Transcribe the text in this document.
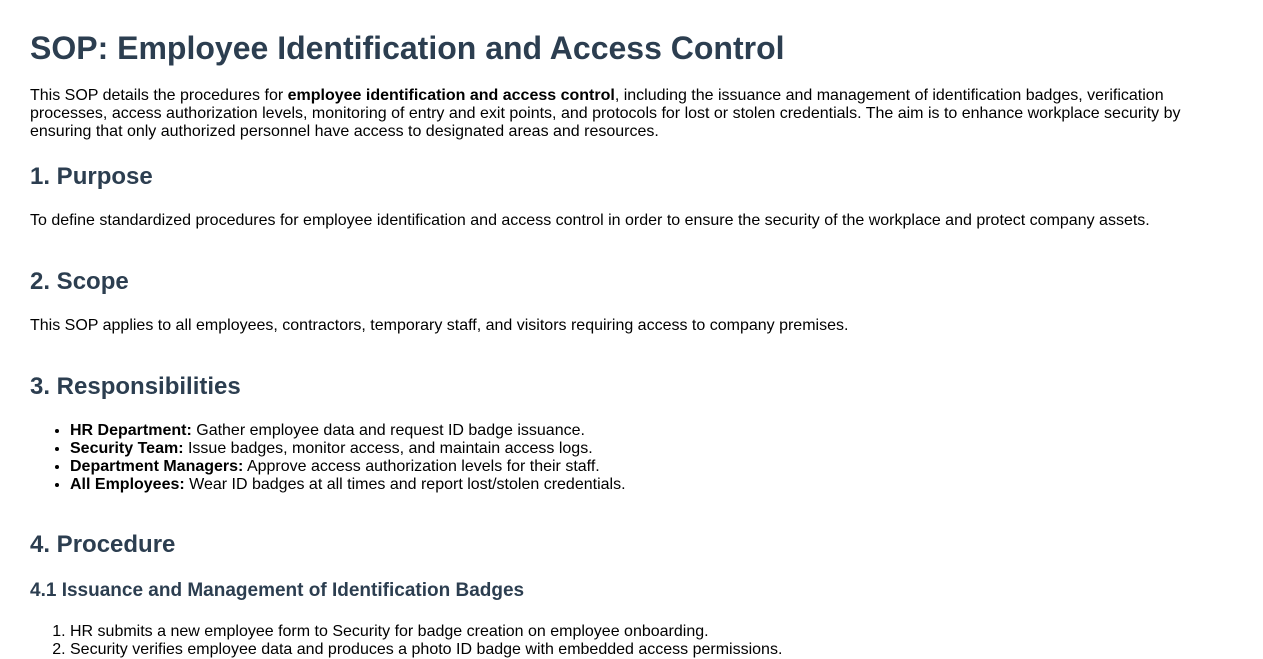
SOP: Employee Identification and Access Control

This SOP details the procedures for employee identification and access control, including the issuance and management of identification badges, verification processes, access authorization levels, monitoring of entry and exit points, and protocols for lost or stolen credentials. The aim is to enhance workplace security by ensuring that only authorized personnel have access to designated areas and resources.

1. Purpose

To define standardized procedures for employee identification and access control in order to ensure the security of the workplace and protect company assets.

2. Scope

This SOP applies to all employees, contractors, temporary staff, and visitors requiring access to company premises.

3. Responsibilities
• HR Department: Gather employee data and request ID badge issuance.
• Security Team: Issue badges, monitor access, and maintain access logs.
• Department Managers: Approve access authorization levels for their staff.
• All Employees: Wear ID badges at all times and report lost/stolen credentials.
4. Procedure
4.1 Issuance and Management of Identification Badges
1. HR submits a new employee form to Security for badge creation on employee onboarding.
2. Security verifies employee data and produces a photo ID badge with embedded access permissions.
